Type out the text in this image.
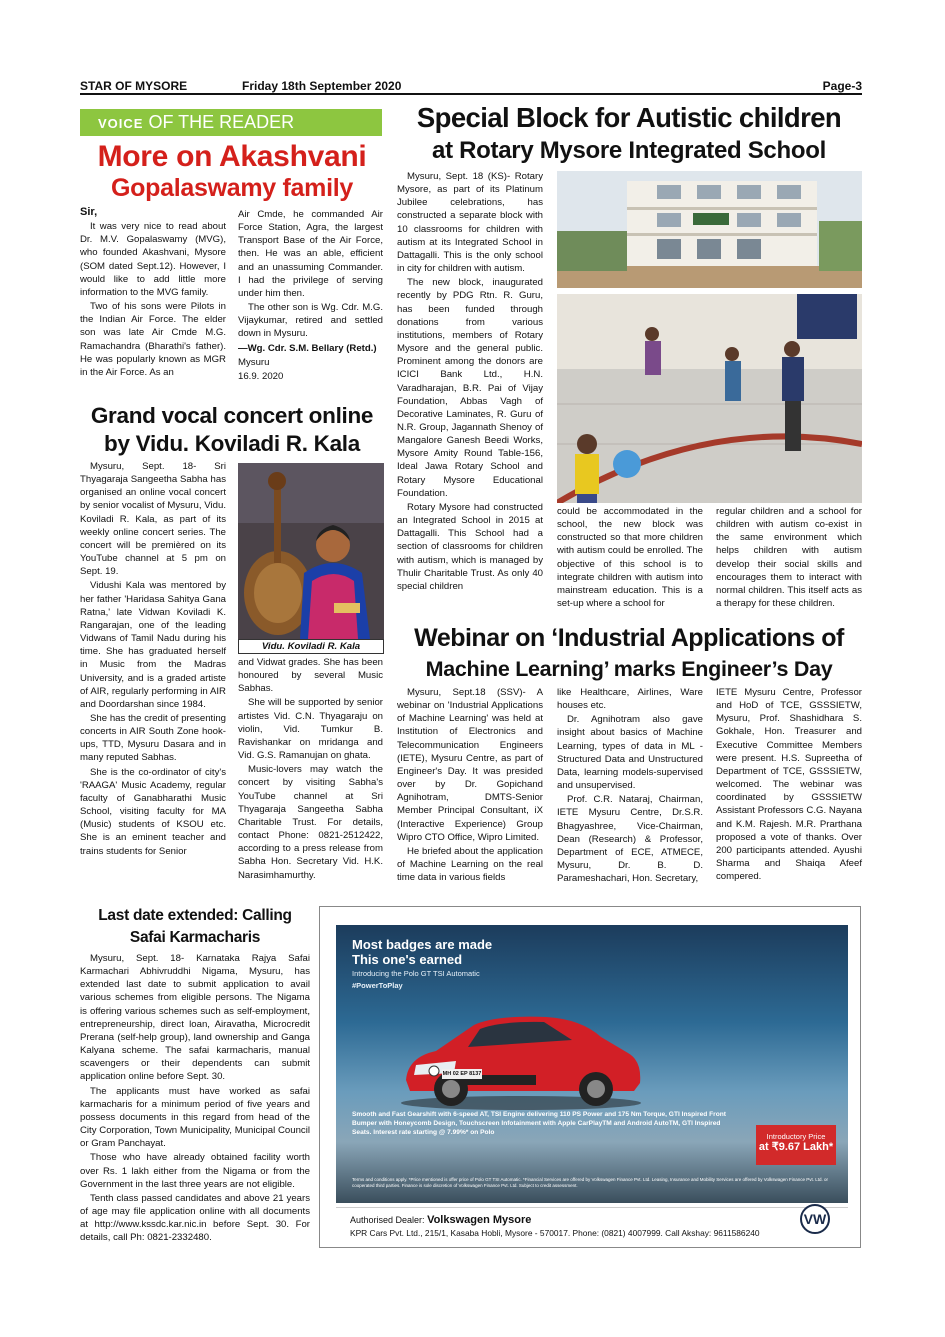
STAR OF MYSORE	Friday 18th September 2020	Page-3
VOICE OF THE READER
More on Akashvani
Gopalaswamy family

Sir,

It was very nice to read about Dr. M.V. Gopalaswamy (MVG), who founded Akashvani, Mysore (SOM dated Sept.12). However, I would like to add little more information to the MVG family.

Two of his sons were Pilots in the Indian Air Force. The elder son was late Air Cmde M.G. Ramachandra (Bharathi's father). He was popularly known as MGR in the Air Force. As an

Air Cmde, he commanded Air Force Station, Agra, the largest Transport Base of the Air Force, then. He was an able, efficient and an unassuming Commander. I had the privilege of serving under him then.

The other son is Wg. Cdr. M.G. Vijaykumar, retired and settled down in Mysuru.

—Wg. Cdr. S.M. Bellary (Retd.)

Mysuru

16.9. 2020

Grand vocal concert online
by Vidu. Koviladi R. Kala

Mysuru, Sept. 18- Sri Thyagaraja Sangeetha Sabha has organised an online vocal concert by senior vocalist of Mysuru, Vidu. Koviladi R. Kala, as part of its weekly online concert series. The concert will be premièred on its YouTube channel at 5 pm on Sept. 19.

Vidushi Kala was mentored by her father 'Haridasa Sahitya Gana Ratna,' late Vidwan Koviladi K. Rangarajan, one of the leading Vidwans of Tamil Nadu during his time. She has graduated herself in Music from the Madras University, and is a graded artiste of AIR, regularly performing in AIR and Doordarshan since 1984.

She has the credit of presenting concerts in AIR South Zone hook-ups, TTD, Mysuru Dasara and in many reputed Sabhas.

She is the co-ordinator of city's 'RAAGA' Music Academy, regular faculty of Ganabharathi Music School, visiting faculty for MA (Music) students of KSOU etc. She is an eminent teacher and trains students for Senior

Vidu. Koviladi R. Kala

and Vidwat grades. She has been honoured by several Music Sabhas.

She will be supported by senior artistes Vid. C.N. Thyagaraju on violin, Vid. Tumkur B. Ravishankar on mridanga and Vid. G.S. Ramanujan on ghata.

Music-lovers may watch the concert by visiting Sabha's YouTube channel at Sri Thyagaraja Sangeetha Sabha Charitable Trust. For details, contact Phone: 0821-2512422, according to a press release from Sabha Hon. Secretary Vid. H.K. Narasimhamurthy.

Special Block for Autistic children
at Rotary Mysore Integrated School

Mysuru, Sept. 18 (KS)- Rotary Mysore, as part of its Platinum Jubilee celebrations, has constructed a separate block with 10 classrooms for children with autism at its Integrated School in Dattagalli. This is the only school in city for children with autism.

The new block, inaugurated recently by PDG Rtn. R. Guru, has been funded through donations from various institutions, members of Rotary Mysore and the general public. Prominent among the donors are ICICI Bank Ltd., H.N. Varadharajan, B.R. Pai of Vijay Foundation, Abbas Vagh of Decorative Laminates, R. Guru of N.R. Group, Jagannath Shenoy of Mangalore Ganesh Beedi Works, Mysore Amity Round Table-156, Ideal Jawa Rotary School and Rotary Mysore Educational Foundation.

Rotary Mysore had constructed an Integrated School in 2015 at Dattagalli. This School had a section of classrooms for children with autism, which is managed by Thulir Charitable Trust. As only 40 special children

could be accommodated in the school, the new block was constructed so that more children with autism could be enrolled. The objective of this school is to integrate children with autism into mainstream education. This is a set-up where a school for

regular children and a school for children with autism co-exist in the same environment which helps children with autism develop their social skills and encourages them to interact with normal children. This itself acts as a therapy for these children.

Webinar on ‘Industrial Applications of
Machine Learning’ marks Engineer’s Day

Mysuru, Sept.18 (SSV)- A webinar on 'Industrial Applications of Machine Learning' was held at Institution of Electronics and Telecommunication Engineers (IETE), Mysuru Centre, as part of Engineer's Day. It was presided over by Dr. Gopichand Agnihotram, DMTS-Senior Member Principal Consultant, iX (Interactive Experience) Group Wipro CTO Office, Wipro Limited.

He briefed about the application of Machine Learning on the real time data in various fields

like Healthcare, Airlines, Ware houses etc.

Dr. Agnihotram also gave insight about basics of Machine Learning, types of data in ML - Structured Data and Unstructured Data, learning models-supervised and unsupervised.

Prof. C.R. Nataraj, Chairman, IETE Mysuru Centre, Dr.S.R. Bhagyashree, Vice-Chairman, Dean (Research) & Professor, Department of ECE, ATMECE, Mysuru, Dr. B. D. Parameshachari, Hon. Secretary,

IETE Mysuru Centre, Professor and HoD of TCE, GSSSIETW, Mysuru, Prof. Shashidhara S. Gokhale, Hon. Treasurer and Executive Committee Members were present. H.S. Supreetha of Department of TCE, GSSSIETW, welcomed. The webinar was coordinated by GSSSIETW Assistant Professors C.G. Nayana and K.M. Rajesh. M.R. Prarthana proposed a vote of thanks. Over 200 participants attended. Ayushi Sharma and Shaiqa Afeef compered.

Last date extended: Calling
Safai Karmacharis

Mysuru, Sept. 18- Karnataka Rajya Safai Karmachari Abhivruddhi Nigama, Mysuru, has extended last date to submit application to avail various schemes from eligible persons. The Nigama is offering various schemes such as self-employment, entrepreneurship, direct loan, Airavatha, Microcredit Prerana (self-help group), land ownership and Ganga Kalyana scheme. The safai karmacharis, manual scavengers or their dependents can submit application online before Sept. 30.

The applicants must have worked as safai karmacharis for a minimum period of five years and possess documents in this regard from head of the City Corporation, Town Municipality, Municipal Council or Gram Panchayat.

Those who have already obtained facility worth over Rs. 1 lakh either from the Nigama or from the Government in the last three years are not eligible.

Tenth class passed candidates and above 21 years of age may file application online with all documents at http://www.kssdc.kar.nic.in before Sept. 30. For details, call Ph: 0821-2332480.

Most badges are made
This one's earned
Introducing the Polo GT TSI Automatic
#PowerToPlay
MH 02 EP 8137
Smooth and Fast Gearshift with 6-speed AT, TSI Engine delivering 110 PS Power and 175 Nm Torque, GTI Inspired Front Bumper with Honeycomb Design, Touchscreen Infotainment with Apple CarPlayTM and Android AutoTM, GTI Inspired Seats. Interest rate starting @ 7.99%* on Polo	Introductory Price
at ₹9.67 Lakh*
Terms and conditions apply. *Price mentioned is offer price of Polo GT TSI Automatic. *Financial Services are offered by Volkswagen Finance Pvt. Ltd. Leasing, Insurance and Mobility Services are offered by Volkswagen Finance Pvt. Ltd. or cooperated third parties. Finance is sole discretion of Volkswagen Finance Pvt. Ltd. Subject to credit assessment.
Authorised Dealer: Volkswagen Mysore
KPR Cars Pvt. Ltd., 215/1, Kasaba Hobli, Mysore - 570017. Phone: (0821) 4007999. Call Akshay: 9611586240
VW
